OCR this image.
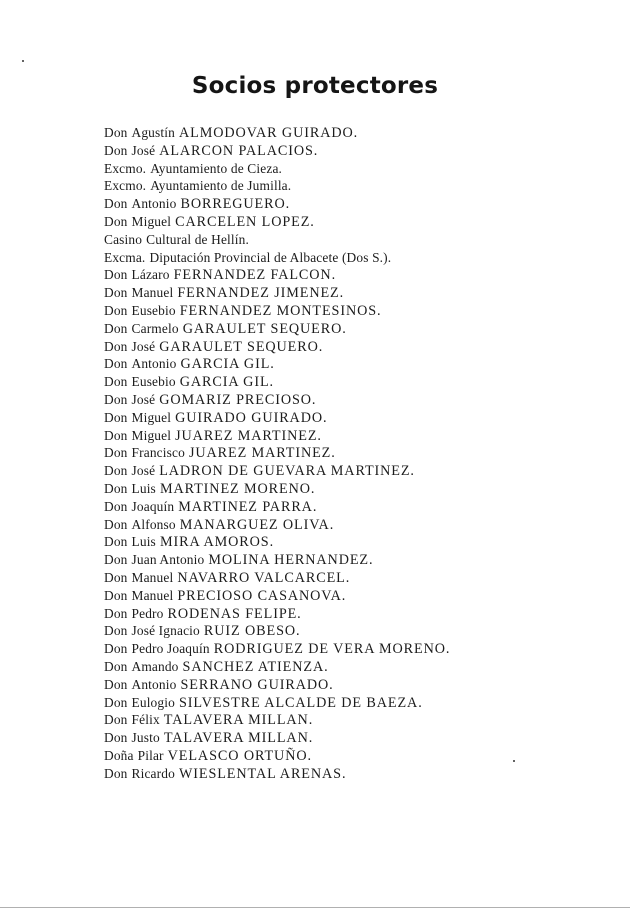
Socios protectores
Don Agustín ALMODOVAR GUIRADO.
Don José ALARCON PALACIOS.
Excmo. Ayuntamiento de Cieza.
Excmo. Ayuntamiento de Jumilla.
Don Antonio BORREGUERO.
Don Miguel CARCELEN LOPEZ.
Casino Cultural de Hellín.
Excma. Diputación Provincial de Albacete (Dos S.).
Don Lázaro FERNANDEZ FALCON.
Don Manuel FERNANDEZ JIMENEZ.
Don Eusebio FERNANDEZ MONTESINOS.
Don Carmelo GARAULET SEQUERO.
Don José GARAULET SEQUERO.
Don Antonio GARCIA GIL.
Don Eusebio GARCIA GIL.
Don José GOMARIZ PRECIOSO.
Don Miguel GUIRADO GUIRADO.
Don Miguel JUAREZ MARTINEZ.
Don Francisco JUAREZ MARTINEZ.
Don José LADRON DE GUEVARA MARTINEZ.
Don Luis MARTINEZ MORENO.
Don Joaquín MARTINEZ PARRA.
Don Alfonso MANARGUEZ OLIVA.
Don Luis MIRA AMOROS.
Don Juan Antonio MOLINA HERNANDEZ.
Don Manuel NAVARRO VALCARCEL.
Don Manuel PRECIOSO CASANOVA.
Don Pedro RODENAS FELIPE.
Don José Ignacio RUIZ OBESO.
Don Pedro Joaquín RODRIGUEZ DE VERA MORENO.
Don Amando SANCHEZ ATIENZA.
Don Antonio SERRANO GUIRADO.
Don Eulogio SILVESTRE ALCALDE DE BAEZA.
Don Félix TALAVERA MILLAN.
Don Justo TALAVERA MILLAN.
Doña Pilar VELASCO ORTUÑO.
Don Ricardo WIESLENTAL ARENAS.
